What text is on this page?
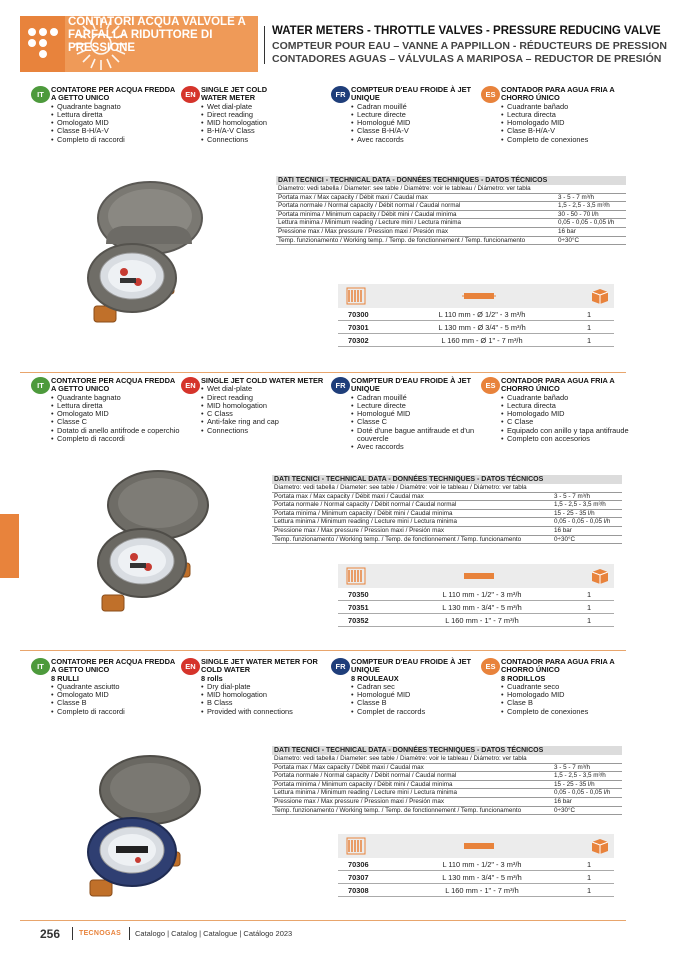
CONTATORI ACQUA VALVOLE A FARFALLA RIDUTTORE DI PRESSIONE
WATER METERS - THROTTLE VALVES - PRESSURE REDUCING VALVE
COMPTEUR POUR EAU – VANNE A PAPPILLON - RÉDUCTEURS DE PRESSION
CONTADORES AGUAS – VÁLVULAS A MARIPOSA – REDUCTOR DE PRESIÓN
IT
CONTATORE PER ACQUA FREDDA A GETTO UNICO
• Quadrante bagnato
• Lettura diretta
• Omologato MID
• Classe B-H/A-V
• Completo di raccordi
EN
SINGLE JET COLD WATER METER
• Wet dial-plate
• Direct reading
• MID homologation
• B-H/A-V Class
• Connections
FR
COMPTEUR D'EAU FROIDE À JET UNIQUE
• Cadran mouillé
• Lecture directe
• Homologué MID
• Classe B-H/A-V
• Avec raccords
ES
CONTADOR PARA AGUA FRIA A CHORRO ÚNICO
• Cuadrante bañado
• Lectura directa
• Homologado MID
• Clase B-H/A-V
• Completo de conexiones
DATI TECNICI - TECHNICAL DATA - DONNÉES TECHNIQUES - DATOS TÉCNICOS
Diametro: vedi tabella / Diameter: see table / Diamètre: voir le tableau / Diámetro: ver tabla
Portata max / Max capacity / Débit maxi / Caudal max	3 - 5 - 7 m³/h
Portata normale / Normal capacity / Débit normal / Caudal normal	1,5 - 2,5 - 3,5 m³/h
Portata minima / Minimum capacity / Débit mini / Caudal minima	30 - 50 - 70 l/h
Lettura minima / Minimum reading / Lecture mini / Lectura minima	0,05 - 0,05 - 0,05 l/h
Pressione max / Max pressure / Pression maxi / Presión max	16 bar
Temp. funzionamento / Working temp. / Temp. de fonctionnement / Temp. funcionamento	0÷30°C
70300	L 110 mm - Ø 1/2" - 3 m³/h	1
70301	L 130 mm - Ø 3/4" - 5 m³/h	1
70302	L 160 mm - Ø 1" - 7 m³/h	1
IT
CONTATORE PER ACQUA FREDDA A GETTO UNICO
• Quadrante bagnato
• Lettura diretta
• Omologato MID
• Classe C
• Dotato di anello antifrode e coperchio
• Completo di raccordi
EN
SINGLE JET COLD WATER METER
• Wet dial-plate
• Direct reading
• MID homologation
• C Class
• Anti-fake ring and cap
• Connections
FR
COMPTEUR D'EAU FROIDE À JET UNIQUE
• Cadran mouillé
• Lecture directe
• Homologué MID
• Classe C
• Doté d'une bague antifraude et d'un couvercle
• Avec raccords
ES
CONTADOR PARA AGUA FRIA A CHORRO ÚNICO
• Cuadrante bañado
• Lectura directa
• Homologado MID
• C Clase
• Equipado con anillo y tapa antifraude
• Completo con accesorios
DATI TECNICI - TECHNICAL DATA - DONNÉES TECHNIQUES - DATOS TÉCNICOS
Diametro: vedi tabella / Diameter: see table / Diamètre: voir le tableau / Diámetro: ver tabla
Portata max / Max capacity / Débit maxi / Caudal max	3 - 5 - 7 m³/h
Portata normale / Normal capacity / Débit normal / Caudal normal	1,5 - 2,5 - 3,5 m³/h
Portata minima / Minimum capacity / Débit mini / Caudal minima	15 - 25 - 35 l/h
Lettura minima / Minimum reading / Lecture mini / Lectura minima	0,05 - 0,05 - 0,05 l/h
Pressione max / Max pressure / Pression maxi / Presión max	16 bar
Temp. funzionamento / Working temp. / Temp. de fonctionnement / Temp. funcionamento	0÷30°C
70350	L 110 mm - 1/2" - 3 m³/h	1
70351	L 130 mm - 3/4" - 5 m³/h	1
70352	L 160 mm - 1" - 7 m³/h	1
IT
CONTATORE PER ACQUA FREDDA A GETTO UNICO
8 RULLI
• Quadrante asciutto
• Omologato MID
• Classe B
• Completo di raccordi
EN
SINGLE JET WATER METER FOR COLD WATER
8 rolls
• Dry dial-plate
• MID homologation
• B Class
• Provided with connections
FR
COMPTEUR D'EAU FROIDE À JET UNIQUE
8 ROULEAUX
• Cadran sec
• Homologué MID
• Classe B
• Complet de raccords
ES
CONTADOR PARA AGUA FRIA A CHORRO ÚNICO
8 RODILLOS
• Cuadrante seco
• Homologado MID
• Clase B
• Completo de conexiones
DATI TECNICI - TECHNICAL DATA - DONNÉES TECHNIQUES - DATOS TÉCNICOS
Diametro: vedi tabella / Diameter: see table / Diamètre: voir le tableau / Diámetro: ver tabla
Portata max / Max capacity / Débit maxi / Caudal max	3 - 5 - 7 m³/h
Portata normale / Normal capacity / Débit normal / Caudal normal	1,5 - 2,5 - 3,5 m³/h
Portata minima / Minimum capacity / Débit mini / Caudal minima	15 - 25 - 35 l/h
Lettura minima / Minimum reading / Lecture mini / Lectura minima	0,05 - 0,05 - 0,05 l/h
Pressione max / Max pressure / Pression maxi / Presión max	16 bar
Temp. funzionamento / Working temp. / Temp. de fonctionnement / Temp. funcionamento	0÷30°C
70306	L 110 mm - 1/2" - 3 m³/h	1
70307	L 130 mm - 3/4" - 5 m³/h	1
70308	L 160 mm - 1" - 7 m³/h	1
256	TECNOGAS Catalogo | Catalog | Catalogue | Catálogo 2023
